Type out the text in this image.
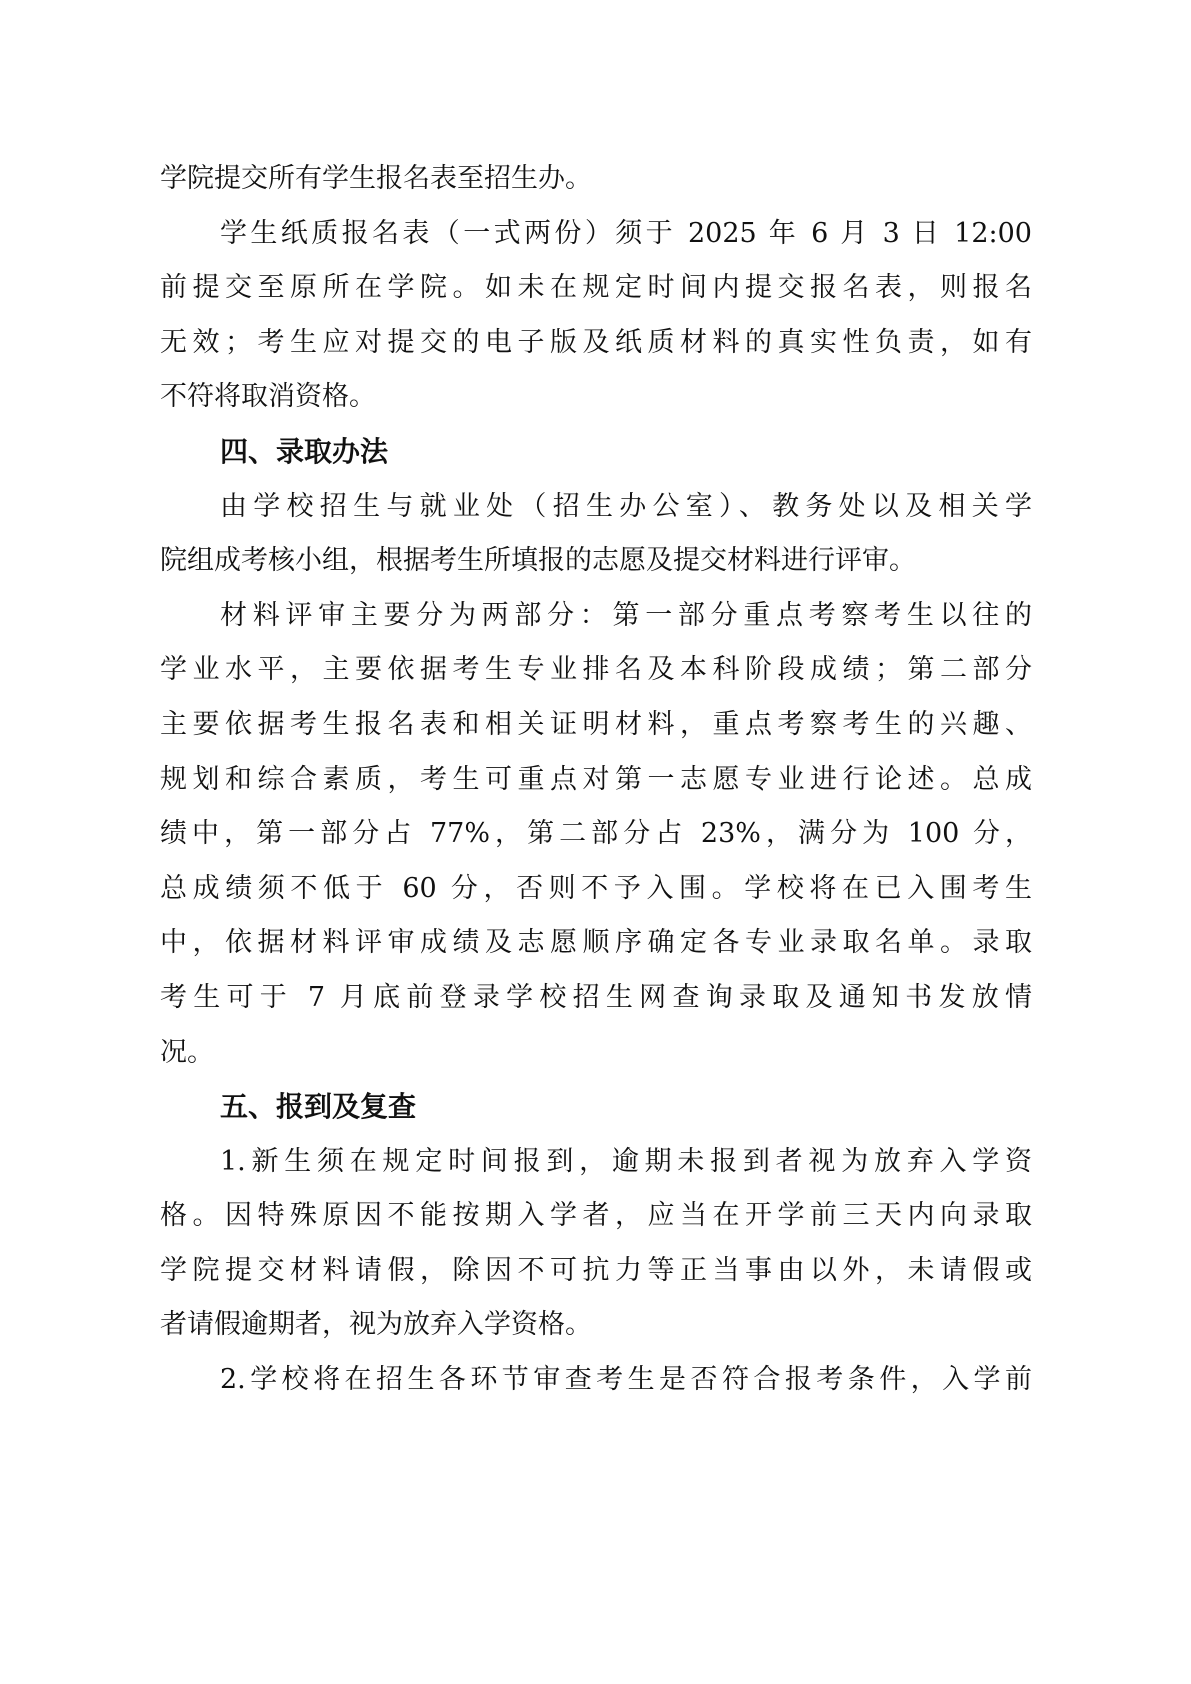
学院提交所有学生报名表至招生办。
学生纸质报名表（一式两份）须于 2025 年 6 月 3 日 12:00
前提交至原所在学院。如未在规定时间内提交报名表，则报名
无效；考生应对提交的电子版及纸质材料的真实性负责，如有
不符将取消资格。
四、录取办法
由学校招生与就业处（招生办公室）、教务处以及相关学
院组成考核小组，根据考生所填报的志愿及提交材料进行评审。
材料评审主要分为两部分：第一部分重点考察考生以往的
学业水平，主要依据考生专业排名及本科阶段成绩；第二部分
主要依据考生报名表和相关证明材料，重点考察考生的兴趣、
规划和综合素质，考生可重点对第一志愿专业进行论述。总成
绩中，第一部分占 77%，第二部分占 23%，满分为 100 分，
总成绩须不低于 60 分，否则不予入围。学校将在已入围考生
中，依据材料评审成绩及志愿顺序确定各专业录取名单。录取
考生可于 7 月底前登录学校招生网查询录取及通知书发放情
况。
五、报到及复查
1.新生须在规定时间报到，逾期未报到者视为放弃入学资
格。因特殊原因不能按期入学者，应当在开学前三天内向录取
学院提交材料请假，除因不可抗力等正当事由以外，未请假或
者请假逾期者，视为放弃入学资格。
2.学校将在招生各环节审查考生是否符合报考条件，入学前
